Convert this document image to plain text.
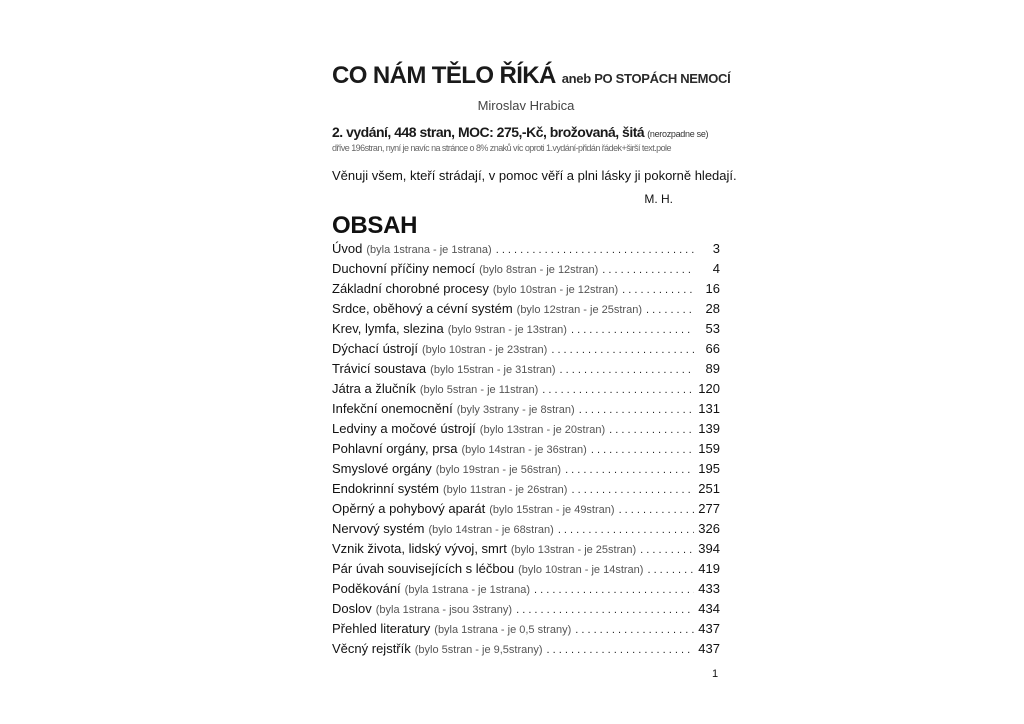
CO NÁM TĚLO ŘÍKÁ aneb PO STOPÁCH NEMOCÍ
Miroslav Hrabica
2. vydání, 448 stran, MOC: 275,-Kč, brožovaná, šitá (nerozpadne se)
dříve 196stran, nyní je navíc na stránce o 8% znaků víc oproti 1.vydání-přidán řádek+širší text.pole
Věnuji všem, kteří strádají, v pomoc věří a plni lásky ji pokorně hledají.
M. H.
OBSAH
Úvod (byla 1strana - je 1strana) . . .	3
Duchovní příčiny nemocí (bylo 8stran - je 12stran) . . .	4
Základní chorobné procesy (bylo 10stran - je 12stran) . . .	16
Srdce, oběhový a cévní systém (bylo 12stran - je 25stran) . . .	28
Krev, lymfa, slezina (bylo 9stran - je 13stran) . . .	53
Dýchací ústrojí (bylo 10stran - je 23stran) . . .	66
Trávicí soustava (bylo 15stran - je 31stran) . . .	89
Játra a žlučník (bylo 5stran - je 11stran) . . .	120
Infekční onemocnění (byly 3strany - je 8stran) . . .	131
Ledviny a močové ústrojí (bylo 13stran - je 20stran) . . .	139
Pohlavní orgány, prsa (bylo 14stran - je 36stran) . . .	159
Smyslové orgány (bylo 19stran - je 56stran) . . .	195
Endokrinní systém (bylo 11stran - je 26stran) . . .	251
Opěrný a pohybový aparát (bylo 15stran - je 49stran) . . .	277
Nervový systém (bylo 14stran - je 68stran) . . .	326
Vznik života, lidský vývoj, smrt (bylo 13stran - je 25stran) . . .	394
Pár úvah souvisejících s léčbou (bylo 10stran - je 14stran) . . .	419
Poděkování (byla 1strana - je 1strana) . . .	433
Doslov (byla 1strana - jsou 3strany) . . .	434
Přehled literatury (byla 1strana - je 0,5 strany) . . .	437
Věcný rejstřík (bylo 5stran - je 9,5strany) . . .	437
1
